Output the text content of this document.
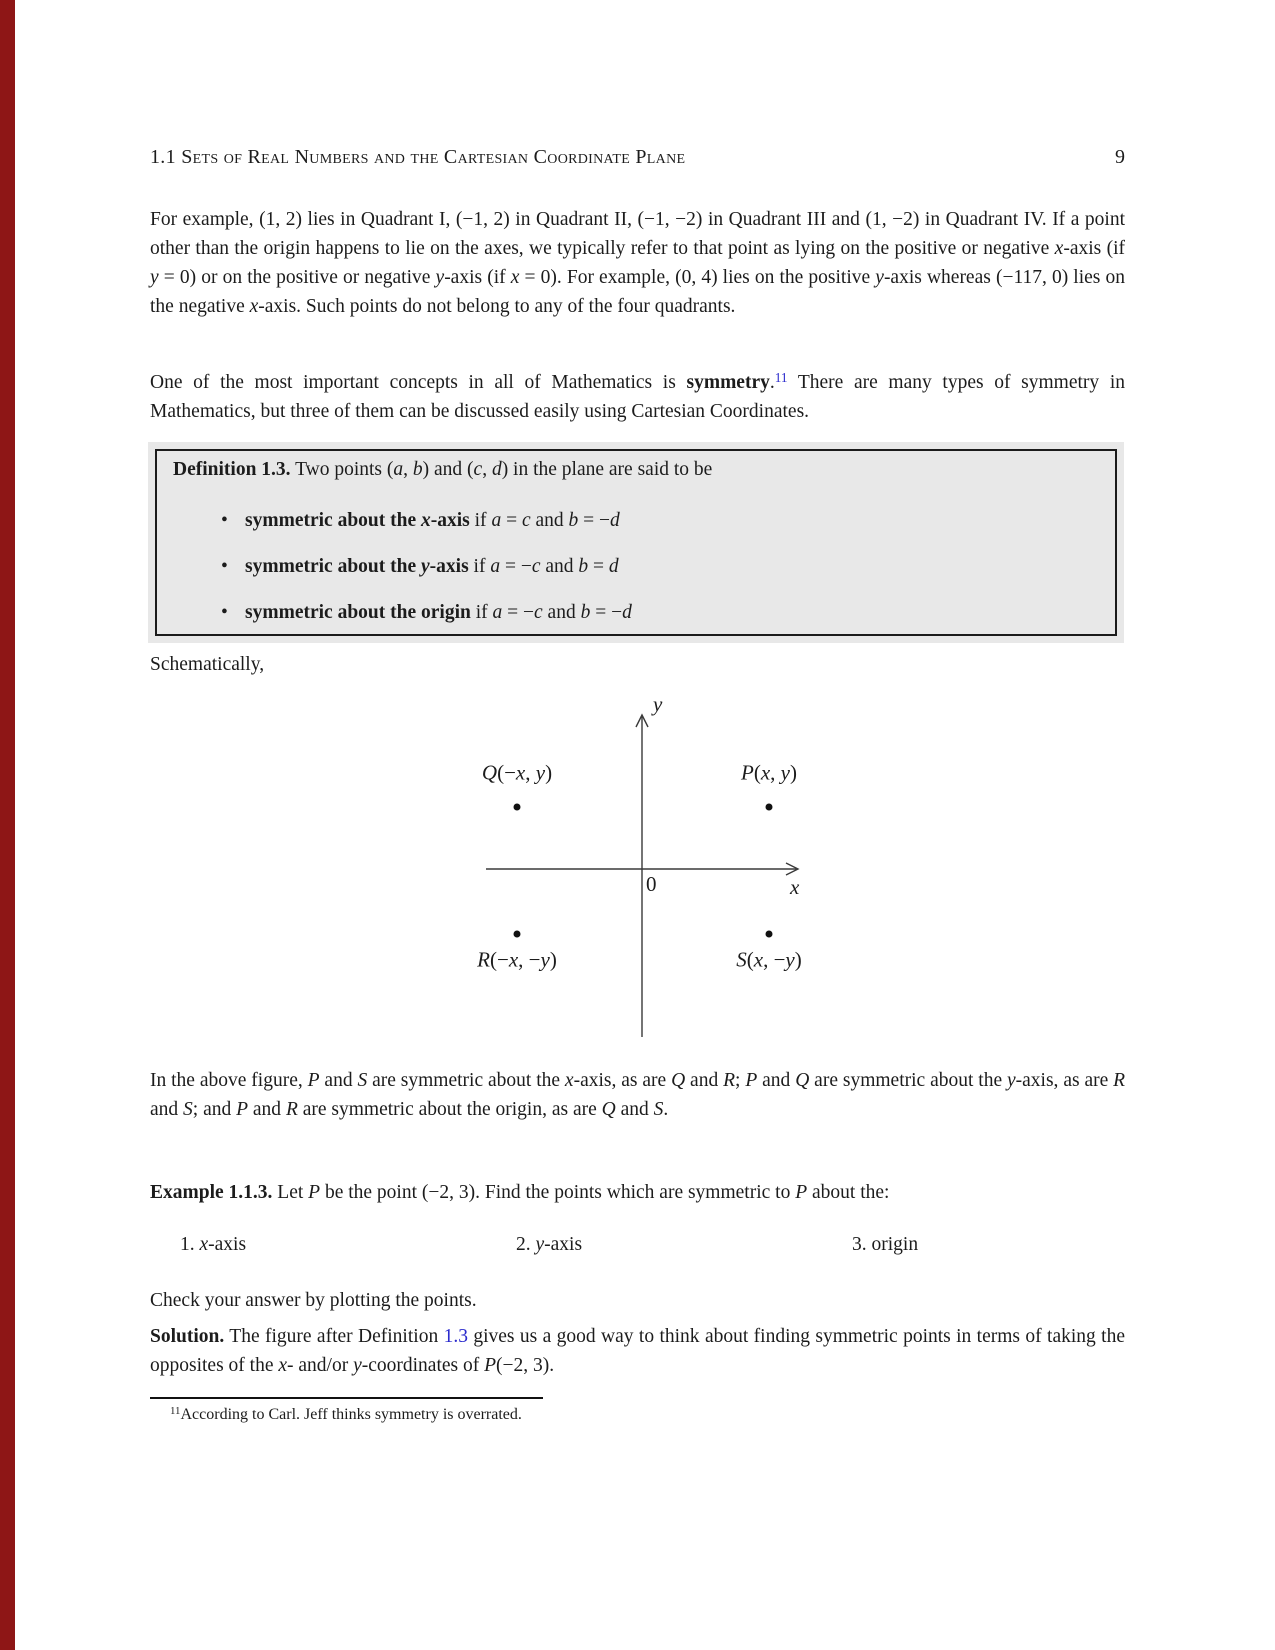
1.1 Sets of Real Numbers and the Cartesian Coordinate Plane	9
For example, (1, 2) lies in Quadrant I, (−1, 2) in Quadrant II, (−1, −2) in Quadrant III and (1, −2) in Quadrant IV. If a point other than the origin happens to lie on the axes, we typically refer to that point as lying on the positive or negative x-axis (if y = 0) or on the positive or negative y-axis (if x = 0). For example, (0, 4) lies on the positive y-axis whereas (−117, 0) lies on the negative x-axis. Such points do not belong to any of the four quadrants.
One of the most important concepts in all of Mathematics is symmetry.$^{11}$ There are many types of symmetry in Mathematics, but three of them can be discussed easily using Cartesian Coordinates.
Definition 1.3. Two points (a, b) and (c, d) in the plane are said to be
• symmetric about the x-axis if a = c and b = −d
• symmetric about the y-axis if a = −c and b = d
• symmetric about the origin if a = −c and b = −d
Schematically,
Q(−x, y)	P(x, y)
R(−x, −y)	S(x, −y)
0	x
y
In the above figure, P and S are symmetric about the x-axis, as are Q and R; P and Q are symmetric about the y-axis, as are R and S; and P and R are symmetric about the origin, as are Q and S.
Example 1.1.3. Let P be the point (−2, 3). Find the points which are symmetric to P about the:
1. x-axis	2. y-axis	3. origin
Check your answer by plotting the points.
Solution. The figure after Definition 1.3 gives us a good way to think about finding symmetric points in terms of taking the opposites of the x- and/or y-coordinates of P(−2, 3).
$^{11}$According to Carl. Jeff thinks symmetry is overrated.
